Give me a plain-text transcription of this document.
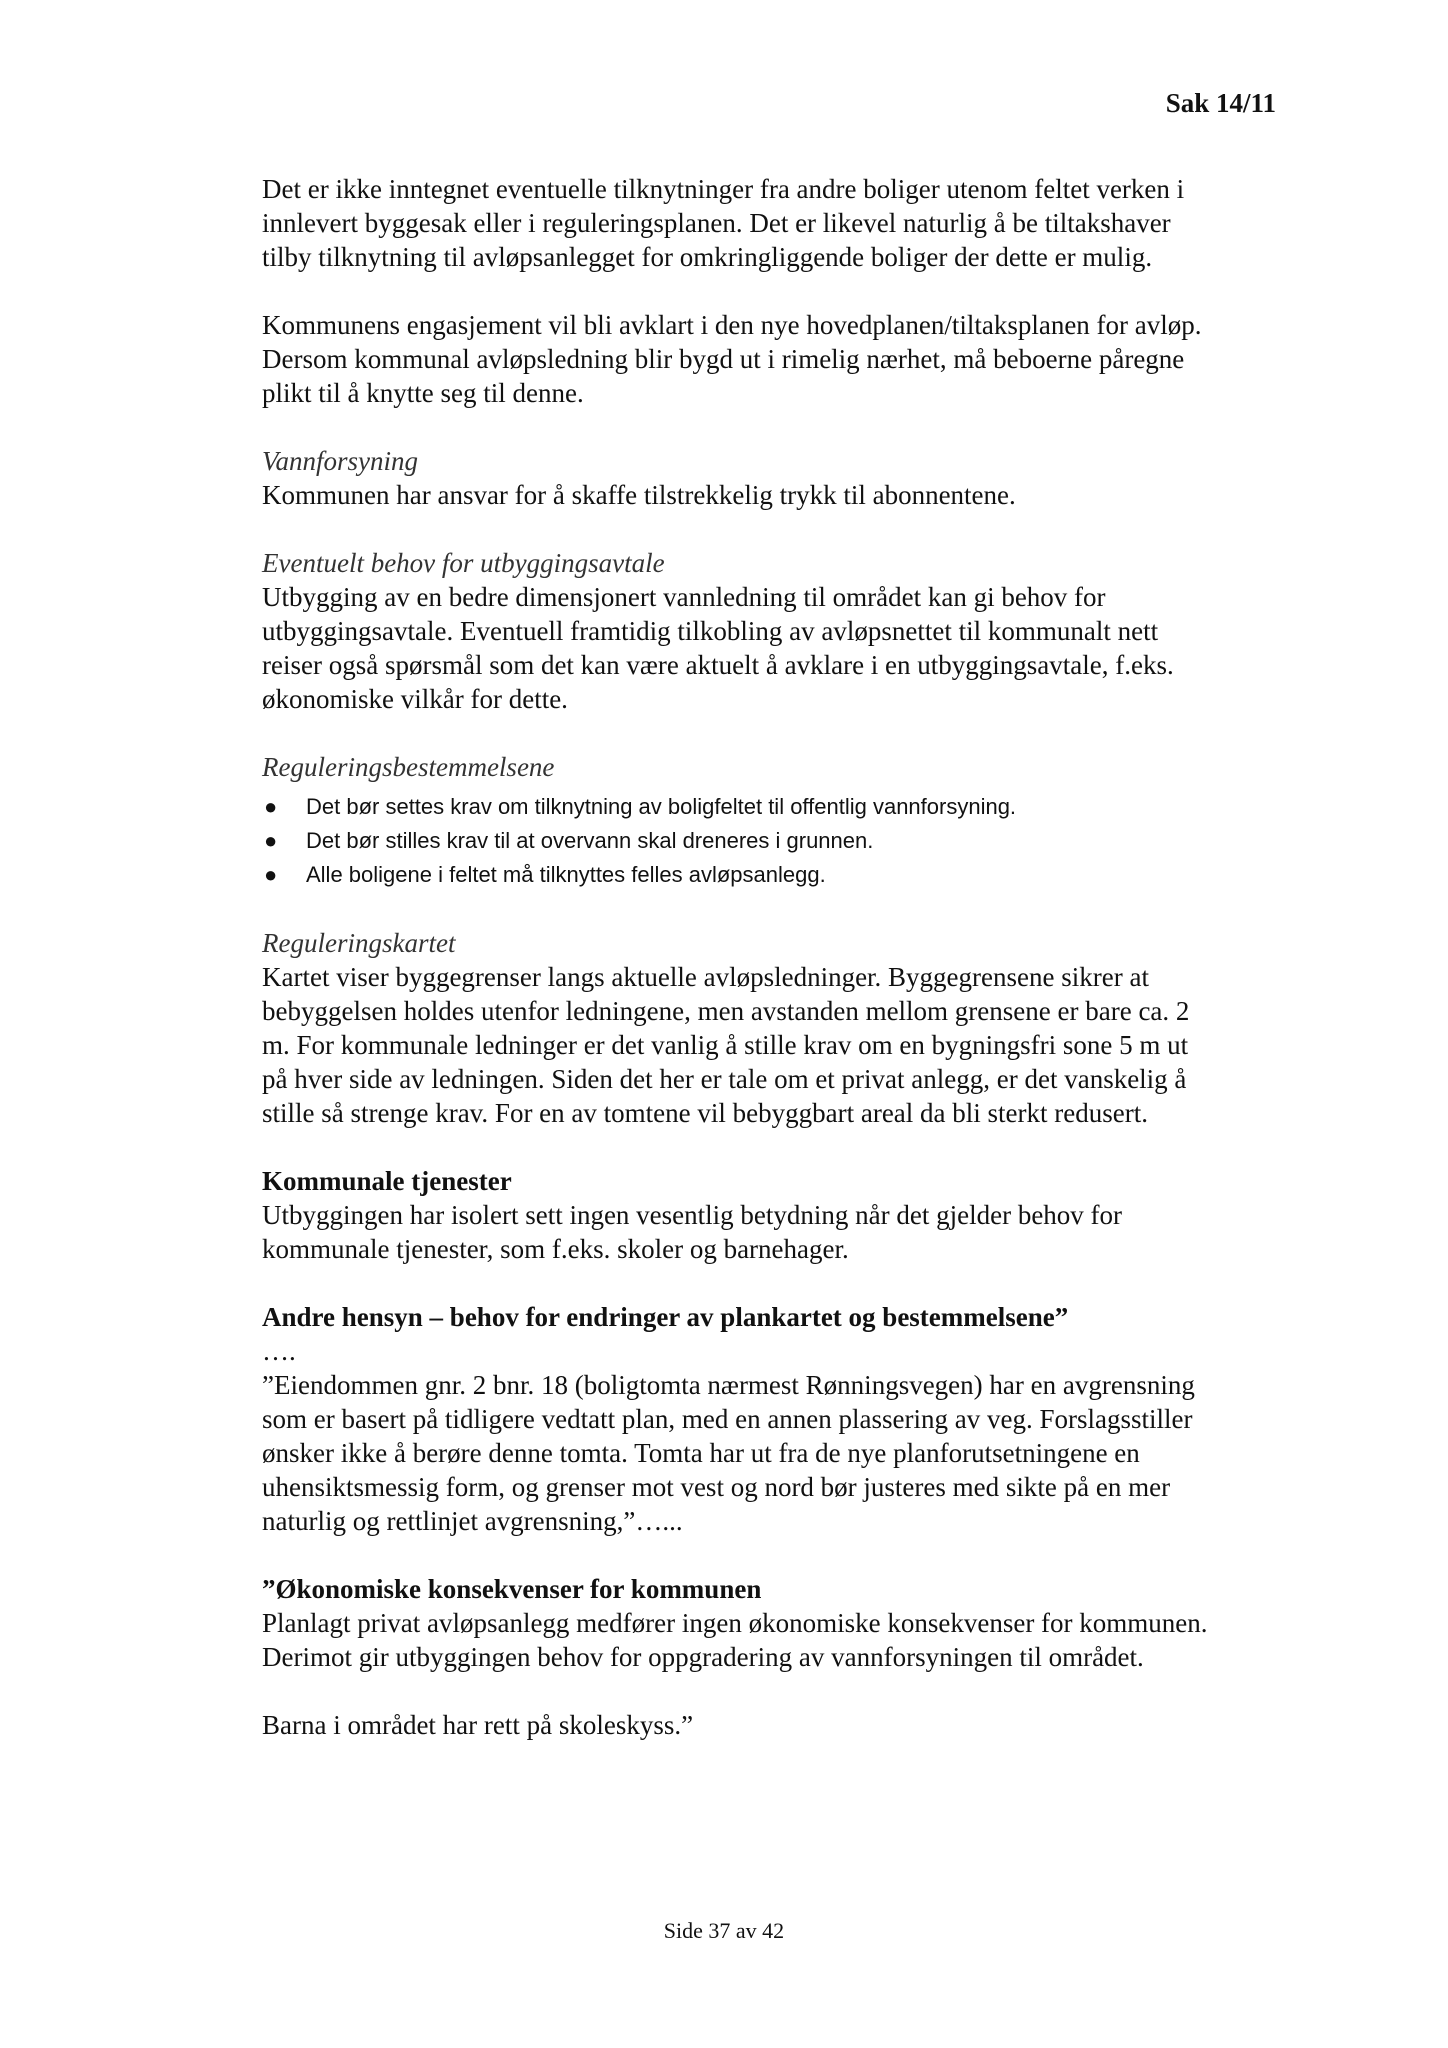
Sak 14/11

Det er ikke inntegnet eventuelle tilknytninger fra andre boliger utenom feltet verken i
innlevert byggesak eller i reguleringsplanen. Det er likevel naturlig å be tiltakshaver
tilby tilknytning til avløpsanlegget for omkringliggende boliger der dette er mulig.

Kommunens engasjement vil bli avklart i den nye hovedplanen/tiltaksplanen for avløp.
Dersom kommunal avløpsledning blir bygd ut i rimelig nærhet, må beboerne påregne
plikt til å knytte seg til denne.

Vannforsyning

Kommunen har ansvar for å skaffe tilstrekkelig trykk til abonnentene.

Eventuelt behov for utbyggingsavtale

Utbygging av en bedre dimensjonert vannledning til området kan gi behov for
utbyggingsavtale. Eventuell framtidig tilkobling av avløpsnettet til kommunalt nett
reiser også spørsmål som det kan være aktuelt å avklare i en utbyggingsavtale, f.eks.
økonomiske vilkår for dette.

Reguleringsbestemmelsene

● Det bør settes krav om tilknytning av boligfeltet til offentlig vannforsyning.
● Det bør stilles krav til at overvann skal dreneres i grunnen.
● Alle boligene i feltet må tilknyttes felles avløpsanlegg.

Reguleringskartet

Kartet viser byggegrenser langs aktuelle avløpsledninger. Byggegrensene sikrer at
bebyggelsen holdes utenfor ledningene, men avstanden mellom grensene er bare ca. 2
m. For kommunale ledninger er det vanlig å stille krav om en bygningsfri sone 5 m ut
på hver side av ledningen. Siden det her er tale om et privat anlegg, er det vanskelig å
stille så strenge krav. For en av tomtene vil bebyggbart areal da bli sterkt redusert.

Kommunale tjenester

Utbyggingen har isolert sett ingen vesentlig betydning når det gjelder behov for
kommunale tjenester, som f.eks. skoler og barnehager.

Andre hensyn – behov for endringer av plankartet og bestemmelsene”

….
”Eiendommen gnr. 2 bnr. 18 (boligtomta nærmest Rønningsvegen) har en avgrensning
som er basert på tidligere vedtatt plan, med en annen plassering av veg. Forslagsstiller
ønsker ikke å berøre denne tomta. Tomta har ut fra de nye planforutsetningene en
uhensiktsmessig form, og grenser mot vest og nord bør justeres med sikte på en mer
naturlig og rettlinjet avgrensning,”…...

”Økonomiske konsekvenser for kommunen

Planlagt privat avløpsanlegg medfører ingen økonomiske konsekvenser for kommunen.
Derimot gir utbyggingen behov for oppgradering av vannforsyningen til området.

Barna i området har rett på skoleskyss.”

Side 37 av 42
